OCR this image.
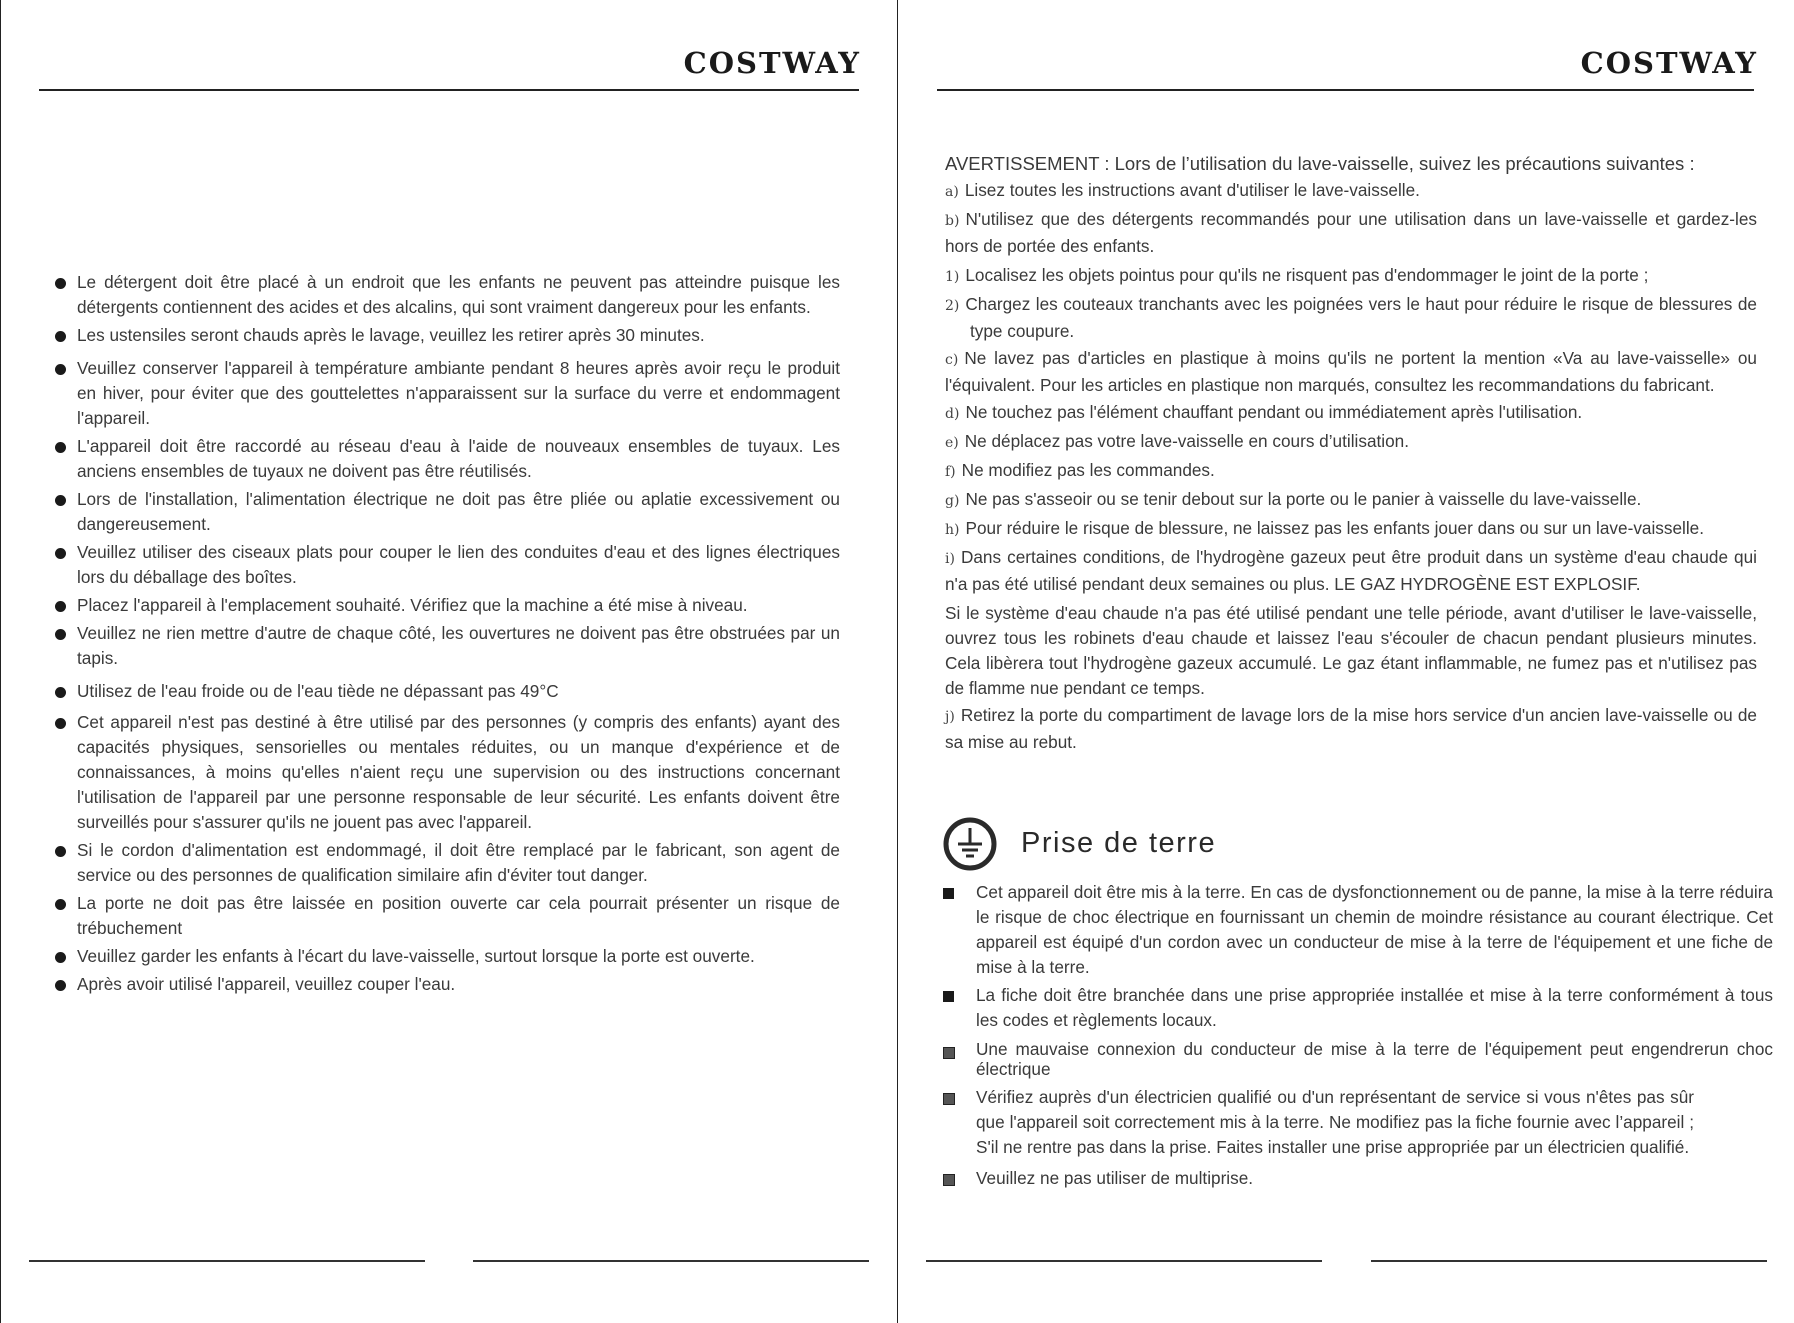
COSTWAY
Le détergent doit être placé à un endroit que les enfants ne peuvent pas atteindre puisque les détergents contiennent des acides et des alcalins, qui sont vraiment dangereux pour les enfants.
Les ustensiles seront chauds après le lavage, veuillez les retirer après 30 minutes.
Veuillez conserver l'appareil à température ambiante pendant 8 heures après avoir reçu le produit en hiver, pour éviter que des gouttelettes n'apparaissent sur la surface du verre et endommagent l'appareil.
L'appareil doit être raccordé au réseau d'eau à l'aide de nouveaux ensembles de tuyaux. Les anciens ensembles de tuyaux ne doivent pas être réutilisés.
Lors de l'installation, l'alimentation électrique ne doit pas être pliée ou aplatie excessivement ou dangereusement.
Veuillez utiliser des ciseaux plats pour couper le lien des conduites d'eau et des lignes électriques lors du déballage des boîtes.
Placez l'appareil à l'emplacement souhaité. Vérifiez que la machine a été mise à niveau.
Veuillez ne rien mettre d'autre de chaque côté, les ouvertures ne doivent pas être obstruées par un tapis.
Utilisez de l'eau froide ou de l'eau tiède ne dépassant pas 49°C
Cet appareil n'est pas destiné à être utilisé par des personnes (y compris des enfants) ayant des capacités physiques, sensorielles ou mentales réduites, ou un manque d'expérience et de connaissances, à moins qu'elles n'aient reçu une supervision ou des instructions concernant l'utilisation de l'appareil par une personne responsable de leur sécurité. Les enfants doivent être surveillés pour s'assurer qu'ils ne jouent pas avec l'appareil.
Si le cordon d'alimentation est endommagé, il doit être remplacé par le fabricant, son agent de service ou des personnes de qualification similaire afin d'éviter tout danger.
La porte ne doit pas être laissée en position ouverte car cela pourrait présenter un risque de trébuchement
Veuillez garder les enfants à l'écart du lave-vaisselle, surtout lorsque la porte est ouverte.
Après avoir utilisé l'appareil, veuillez couper l'eau.
COSTWAY

AVERTISSEMENT : Lors de l’utilisation du lave-vaisselle, suivez les précautions suivantes :

a) Lisez toutes les instructions avant d'utiliser le lave-vaisselle.

b) N'utilisez que des détergents recommandés pour une utilisation dans un lave-vaisselle et gardez-les hors de portée des enfants.

1) Localisez les objets pointus pour qu'ils ne risquent pas d'endommager le joint de la porte ;

2) Chargez les couteaux tranchants avec les poignées vers le haut pour réduire le risque de blessures de type coupure.

c) Ne lavez pas d'articles en plastique à moins qu'ils ne portent la mention «Va au lave-vaisselle» ou l'équivalent. Pour les articles en plastique non marqués, consultez les recommandations du fabricant.

d) Ne touchez pas l'élément chauffant pendant ou immédiatement après l'utilisation.

e) Ne déplacez pas votre lave-vaisselle en cours d’utilisation.

f) Ne modifiez pas les commandes.

g) Ne pas s'asseoir ou se tenir debout sur la porte ou le panier à vaisselle du lave-vaisselle.

h) Pour réduire le risque de blessure, ne laissez pas les enfants jouer dans ou sur un lave-vaisselle.

i) Dans certaines conditions, de l'hydrogène gazeux peut être produit dans un système d'eau chaude qui n'a pas été utilisé pendant deux semaines ou plus. LE GAZ HYDROGÈNE EST EXPLOSIF.

Si le système d'eau chaude n'a pas été utilisé pendant une telle période, avant d'utiliser le lave-vaisselle, ouvrez tous les robinets d'eau chaude et laissez l'eau s'écouler de chacun pendant plusieurs minutes. Cela libèrera tout l'hydrogène gazeux accumulé. Le gaz étant inflammable, ne fumez pas et n'utilisez pas de flamme nue pendant ce temps.

j) Retirez la porte du compartiment de lavage lors de la mise hors service d'un ancien lave-vaisselle ou de sa mise au rebut.

Prise de terre
Cet appareil doit être mis à la terre. En cas de dysfonctionnement ou de panne, la mise à la terre réduira le risque de choc électrique en fournissant un chemin de moindre résistance au courant électrique. Cet appareil est équipé d'un cordon avec un conducteur de mise à la terre de l'équipement et une fiche de mise à la terre.
La fiche doit être branchée dans une prise appropriée installée et mise à la terre conformément à tous les codes et règlements locaux.
Une mauvaise connexion du conducteur de mise à la terre de l'équipement peut engendrerun choc électrique
Vérifiez auprès d'un électricien qualifié ou d'un représentant de service si vous n'êtes pas sûr que l'appareil soit correctement mis à la terre. Ne modifiez pas la fiche fournie avec l’appareil ; S'il ne rentre pas dans la prise. Faites installer une prise appropriée par un électricien qualifié.
Veuillez ne pas utiliser de multiprise.
